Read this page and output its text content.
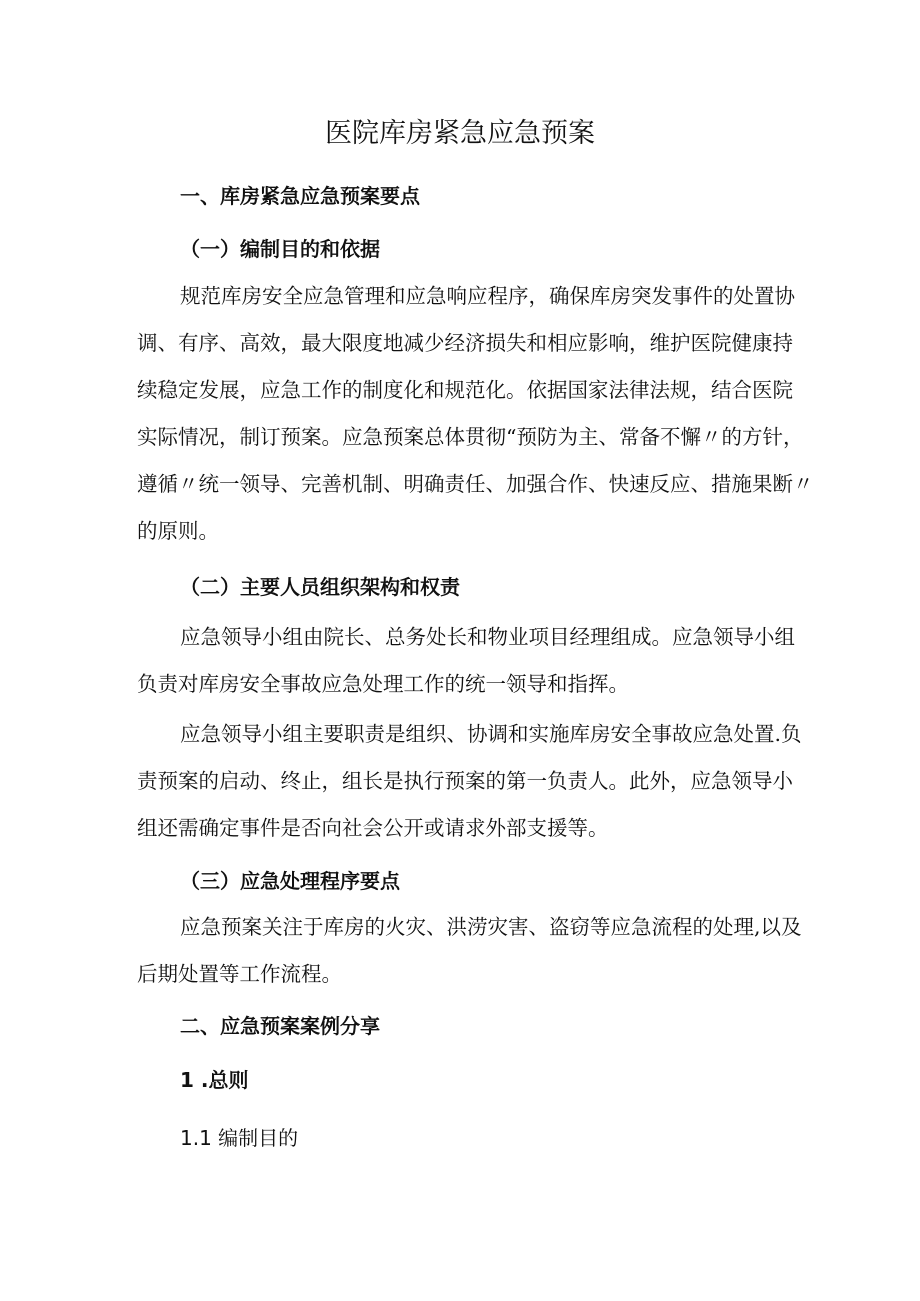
医院库房紧急应急预案
一、库房紧急应急预案要点
（一）编制目的和依据
规范库房安全应急管理和应急响应程序，确保库房突发事件的处置协
调、有序、高效，最大限度地减少经济损失和相应影响，维护医院健康持
续稳定发展，应急工作的制度化和规范化。依据国家法律法规，结合医院
实际情况，制订预案。应急预案总体贯彻“预防为主、常备不懈〃的方针，
遵循〃统一领导、完善机制、明确责任、加强合作、快速反应、措施果断〃
的原则。
（二）主要人员组织架构和权责
应急领导小组由院长、总务处长和物业项目经理组成。应急领导小组
负责对库房安全事故应急处理工作的统一领导和指挥。
应急领导小组主要职责是组织、协调和实施库房安全事故应急处置.负
责预案的启动、终止，组长是执行预案的第一负责人。此外，应急领导小
组还需确定事件是否向社会公开或请求外部支援等。
（三）应急处理程序要点
应急预案关注于库房的火灾、洪涝灾害、盗窃等应急流程的处理,以及
后期处置等工作流程。
二、应急预案案例分享
1 .总则
1.1 编制目的
